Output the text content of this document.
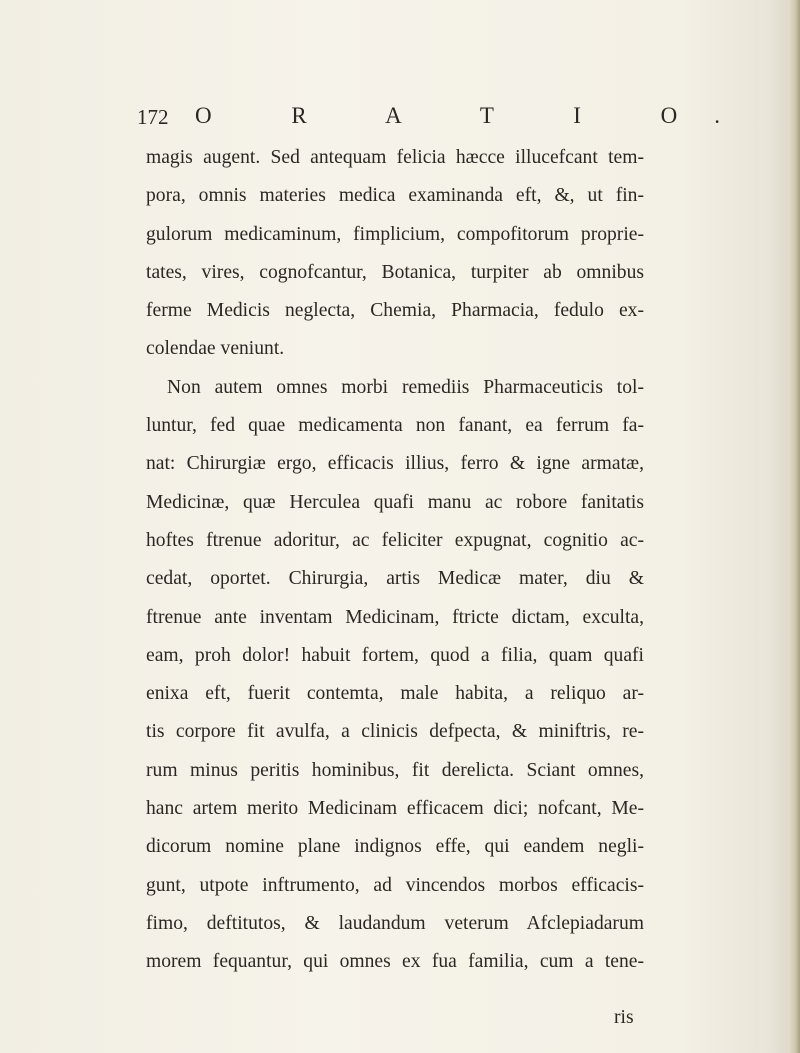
172 O R A T I O.
magis augent. Sed antequam felicia hæcce illucefcant tem-
pora, omnis materies medica examinanda eft, &, ut fin-
gulorum medicaminum, fimplicium, compofitorum proprie-
tates, vires, cognofcantur, Botanica, turpiter ab omnibus
ferme Medicis neglecta, Chemia, Pharmacia, fedulo ex-
colendae veniunt.
Non autem omnes morbi remediis Pharmaceuticis tol-
luntur, fed quae medicamenta non fanant, ea ferrum fa-
nat: Chirurgiæ ergo, efficacis illius, ferro & igne armatæ,
Medicinæ, quæ Herculea quafi manu ac robore fanitatis
hoftes ftrenue adoritur, ac feliciter expugnat, cognitio ac-
cedat, oportet. Chirurgia, artis Medicæ mater, diu &
ftrenue ante inventam Medicinam, ftricte dictam, exculta,
eam, proh dolor! habuit fortem, quod a filia, quam quafi
enixa eft, fuerit contemta, male habita, a reliquo ar-
tis corpore fit avulfa, a clinicis defpecta, & miniftris, re-
rum minus peritis hominibus, fit derelicta. Sciant omnes,
hanc artem merito Medicinam efficacem dici; nofcant, Me-
dicorum nomine plane indignos effe, qui eandem negli-
gunt, utpote inftrumento, ad vincendos morbos efficacis-
fimo, deftitutos, & laudandum veterum Afclepiadarum
morem fequantur, qui omnes ex fua familia, cum a tene-
ris
